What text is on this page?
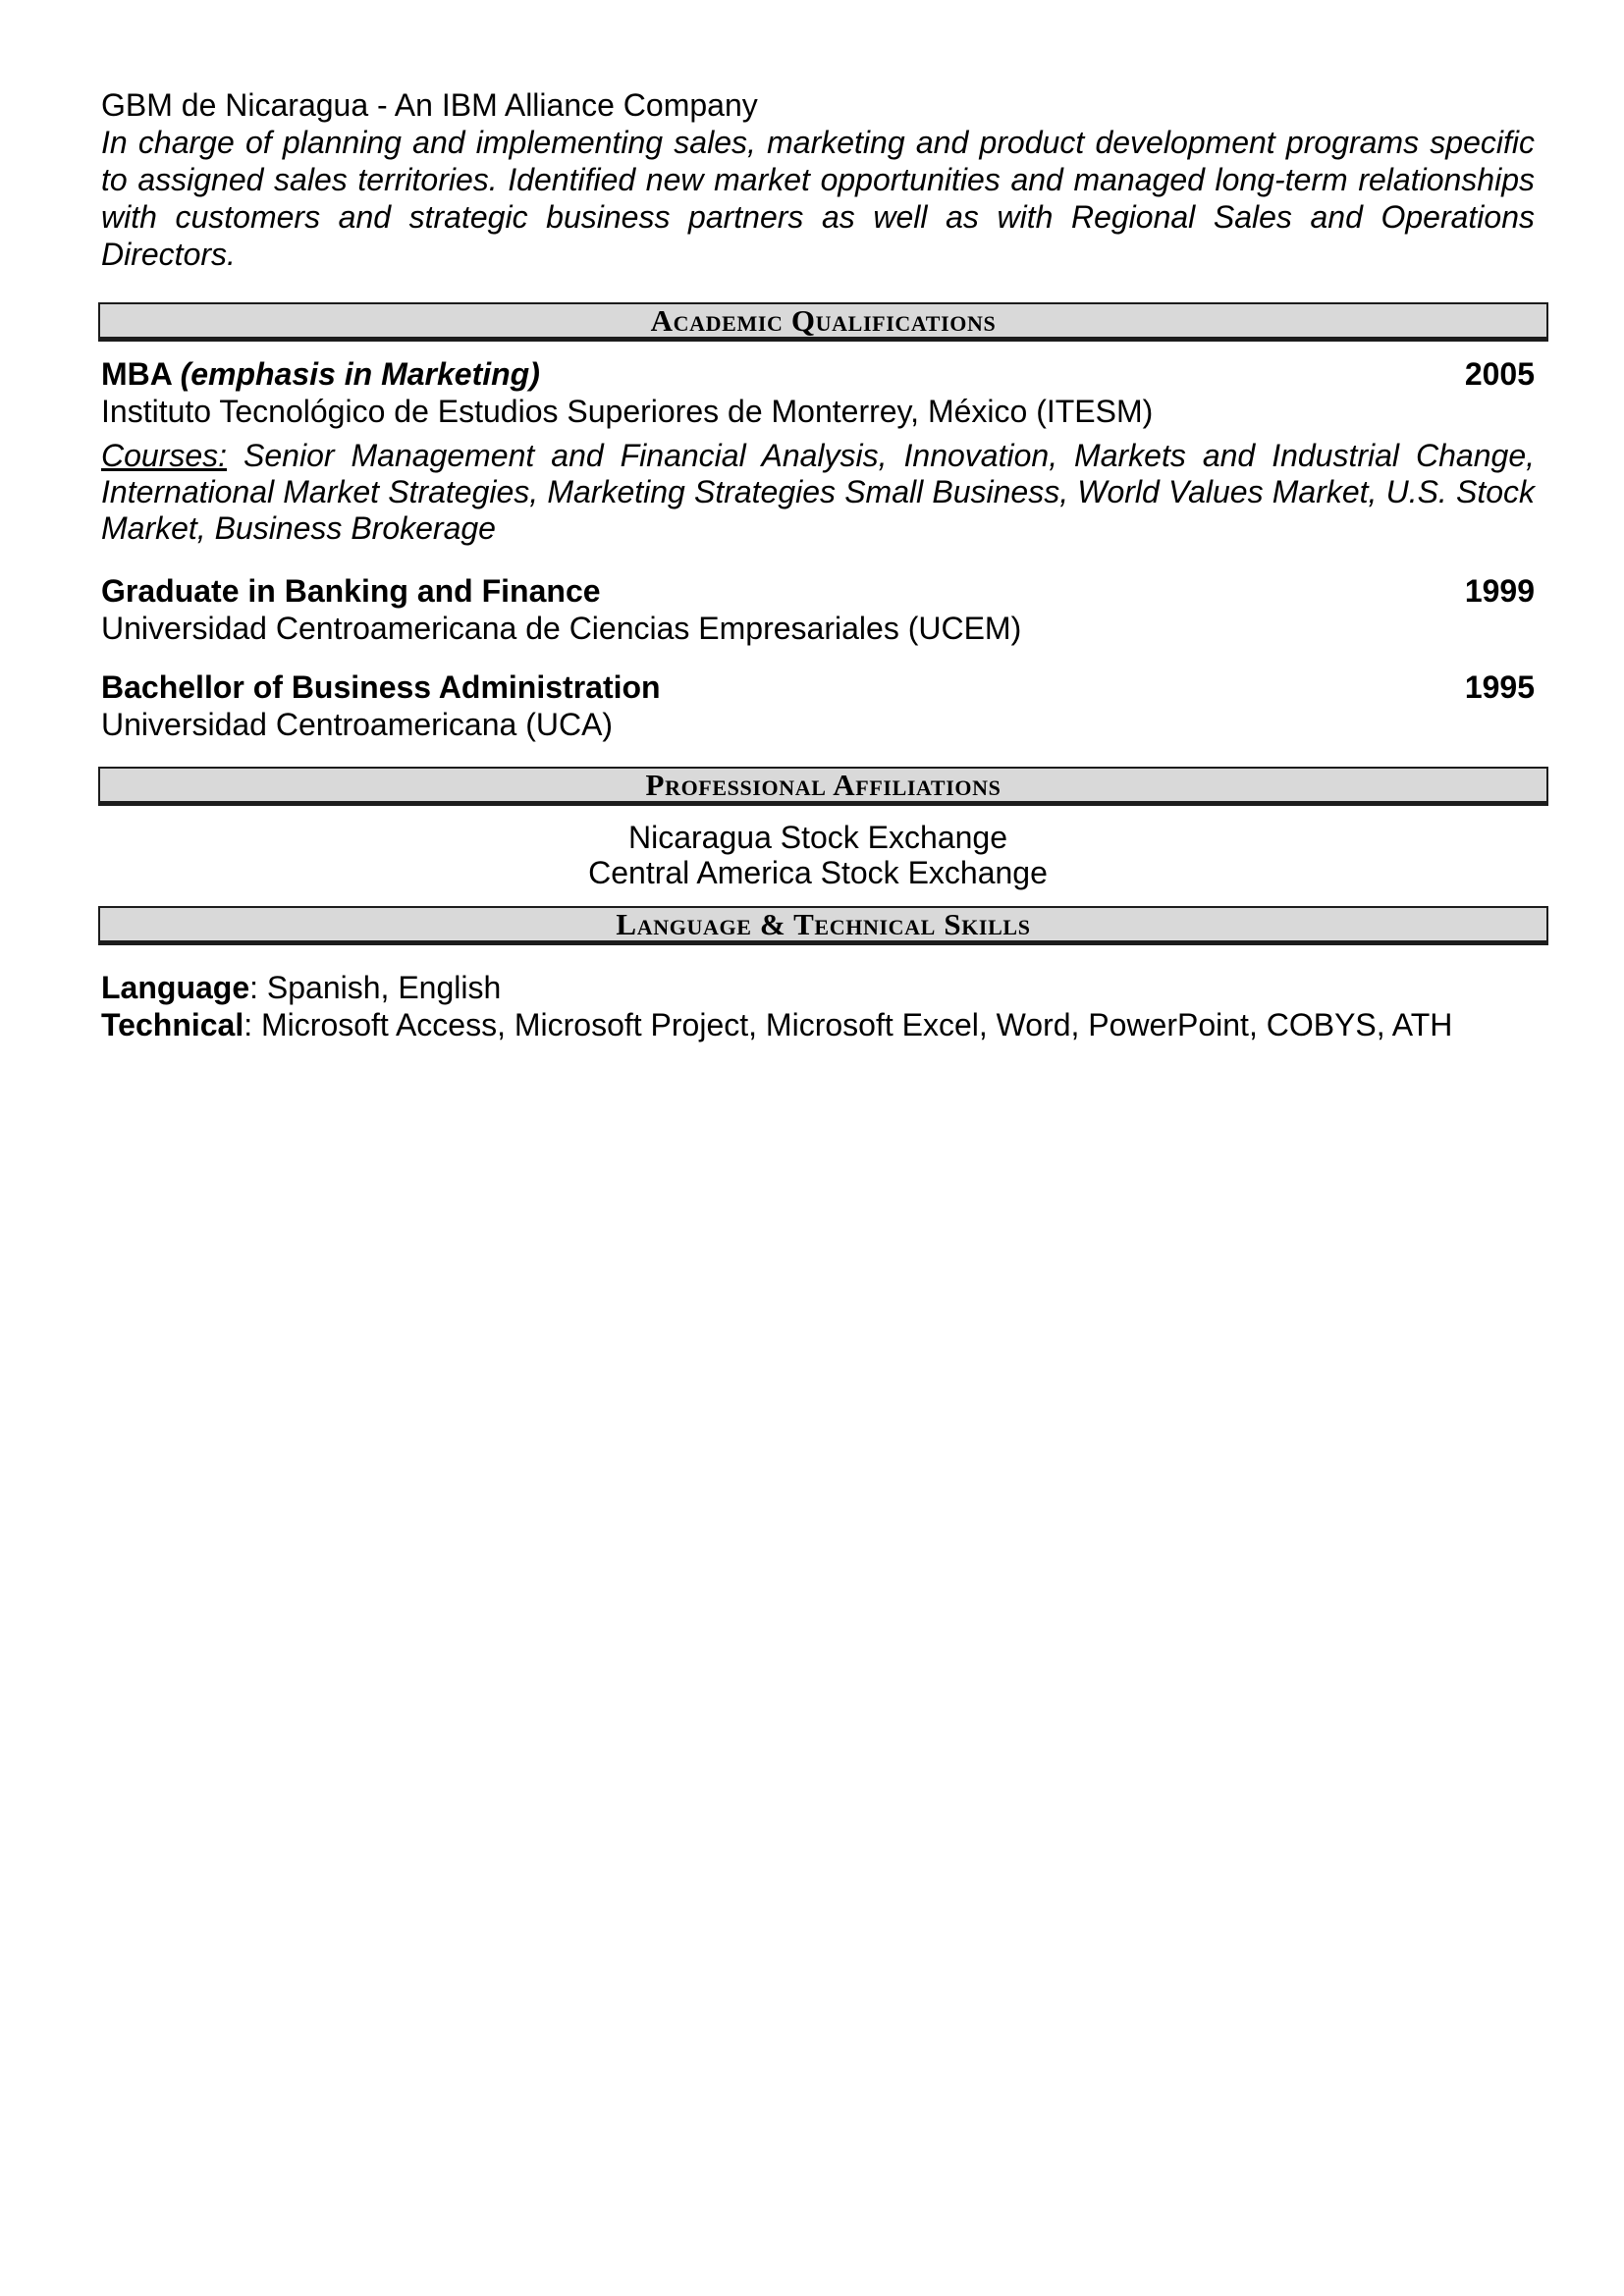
GBM de Nicaragua - An IBM Alliance Company
In charge of planning and implementing sales, marketing and product development programs specific to assigned sales territories. Identified new market opportunities and managed long-term relationships with customers and strategic business partners as well as with Regional Sales and Operations Directors.
Academic Qualifications
MBA (emphasis in Marketing)	2005
Instituto Tecnológico de Estudios Superiores de Monterrey, México (ITESM)
Courses: Senior Management and Financial Analysis, Innovation, Markets and Industrial Change, International Market Strategies, Marketing Strategies Small Business, World Values Market, U.S. Stock Market, Business Brokerage
Graduate in Banking and Finance	1999
Universidad Centroamericana de Ciencias Empresariales (UCEM)
Bachellor of Business Administration	1995
Universidad Centroamericana (UCA)
Professional Affiliations
Nicaragua Stock Exchange
Central America Stock Exchange
Language & Technical Skills
Language: Spanish, English
Technical: Microsoft Access, Microsoft Project, Microsoft Excel, Word, PowerPoint, COBYS, ATH
